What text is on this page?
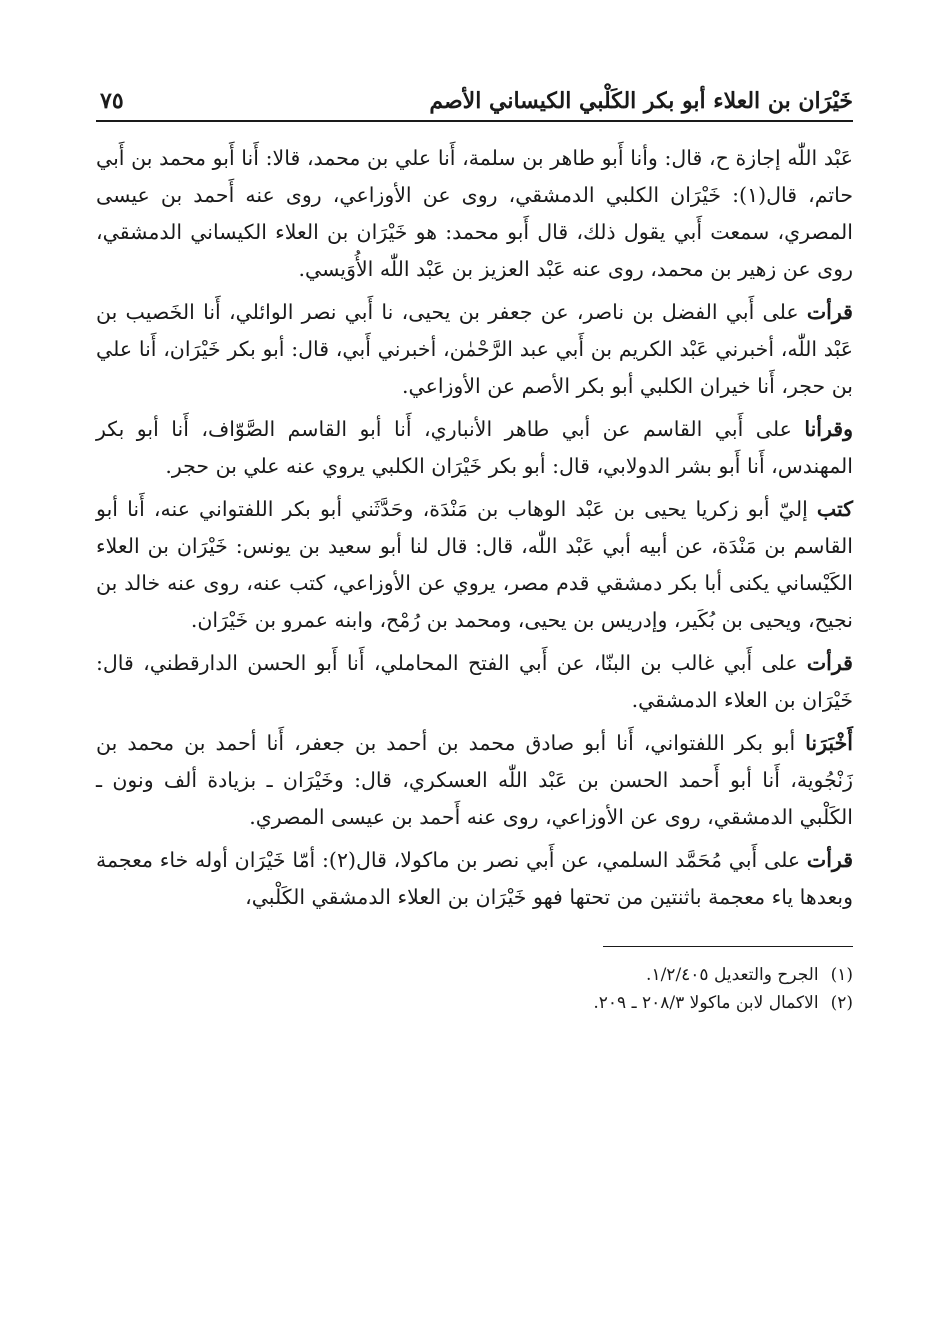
خَيْرَان بن العلاء أبو بكر الكَلْبي الكيساني الأصم
٧٥

عَبْد اللّٰه إجازة ح، قال: وأنا أَبو طاهر بن سلمة، أَنا علي بن محمد، قالا: أَنا أَبو محمد بن أَبي حاتم، قال(١): خَيْرَان الكلبي الدمشقي، روى عن الأوزاعي، روى عنه أَحمد بن عيسى المصري، سمعت أَبي يقول ذلك، قال أَبو محمد: هو خَيْرَان بن العلاء الكيساني الدمشقي، روى عن زهير بن محمد، روى عنه عَبْد العزيز بن عَبْد اللّٰه الأُوَيسي.

قرأت على أَبي الفضل بن ناصر، عن جعفر بن يحيى، نا أَبي نصر الوائلي، أَنا الخَصيب بن عَبْد اللّٰه، أخبرني عَبْد الكريم بن أَبي عبد الرَّحْمٰن، أخبرني أَبي، قال: أبو بكر خَيْرَان، أَنا علي بن حجر، أَنا خيران الكلبي أبو بكر الأصم عن الأوزاعي.

وقرأنا على أَبي القاسم عن أبي طاهر الأنباري، أَنا أبو القاسم الصَّوّاف، أَنا أبو بكر المهندس، أَنا أَبو بشر الدولابي، قال: أبو بكر خَيْرَان الكلبي يروي عنه علي بن حجر.

كتب إليّ أبو زكريا يحيى بن عَبْد الوهاب بن مَنْدَة، وحَدَّثَني أبو بكر اللفتواني عنه، أَنا أبو القاسم بن مَنْدَة، عن أبيه أبي عَبْد اللّٰه، قال: قال لنا أبو سعيد بن يونس: خَيْرَان بن العلاء الكَيْساني يكنى أبا بكر دمشقي قدم مصر، يروي عن الأوزاعي، كتب عنه، روى عنه خالد بن نجيح، ويحيى بن بُكَير، وإدريس بن يحيى، ومحمد بن رُمْح، وابنه عمرو بن خَيْرَان.

قرأت على أَبي غالب بن البنّا، عن أَبي الفتح المحاملي، أَنا أَبو الحسن الدارقطني، قال: خَيْرَان بن العلاء الدمشقي.

أَخْبَرَنا أبو بكر اللفتواني، أَنا أبو صادق محمد بن أحمد بن جعفر، أَنا أحمد بن محمد بن زَنْجُوية، أَنا أبو أَحمد الحسن بن عَبْد اللّٰه العسكري، قال: وخَيْرَان ـ بزيادة ألف ونون ـ الكَلْبي الدمشقي، روى عن الأوزاعي، روى عنه أَحمد بن عيسى المصري.

قرأت على أَبي مُحَمَّد السلمي، عن أَبي نصر بن ماكولا، قال(٢): أمّا خَيْرَان أوله خاء معجمة وبعدها ياء معجمة باثنتين من تحتها فهو خَيْرَان بن العلاء الدمشقي الكَلْبي،

(١)الجرح والتعديل ١/٢/٤٠٥.

(٢)الاكمال لابن ماكولا ٢٠٨/٣ ـ ٢٠٩.
